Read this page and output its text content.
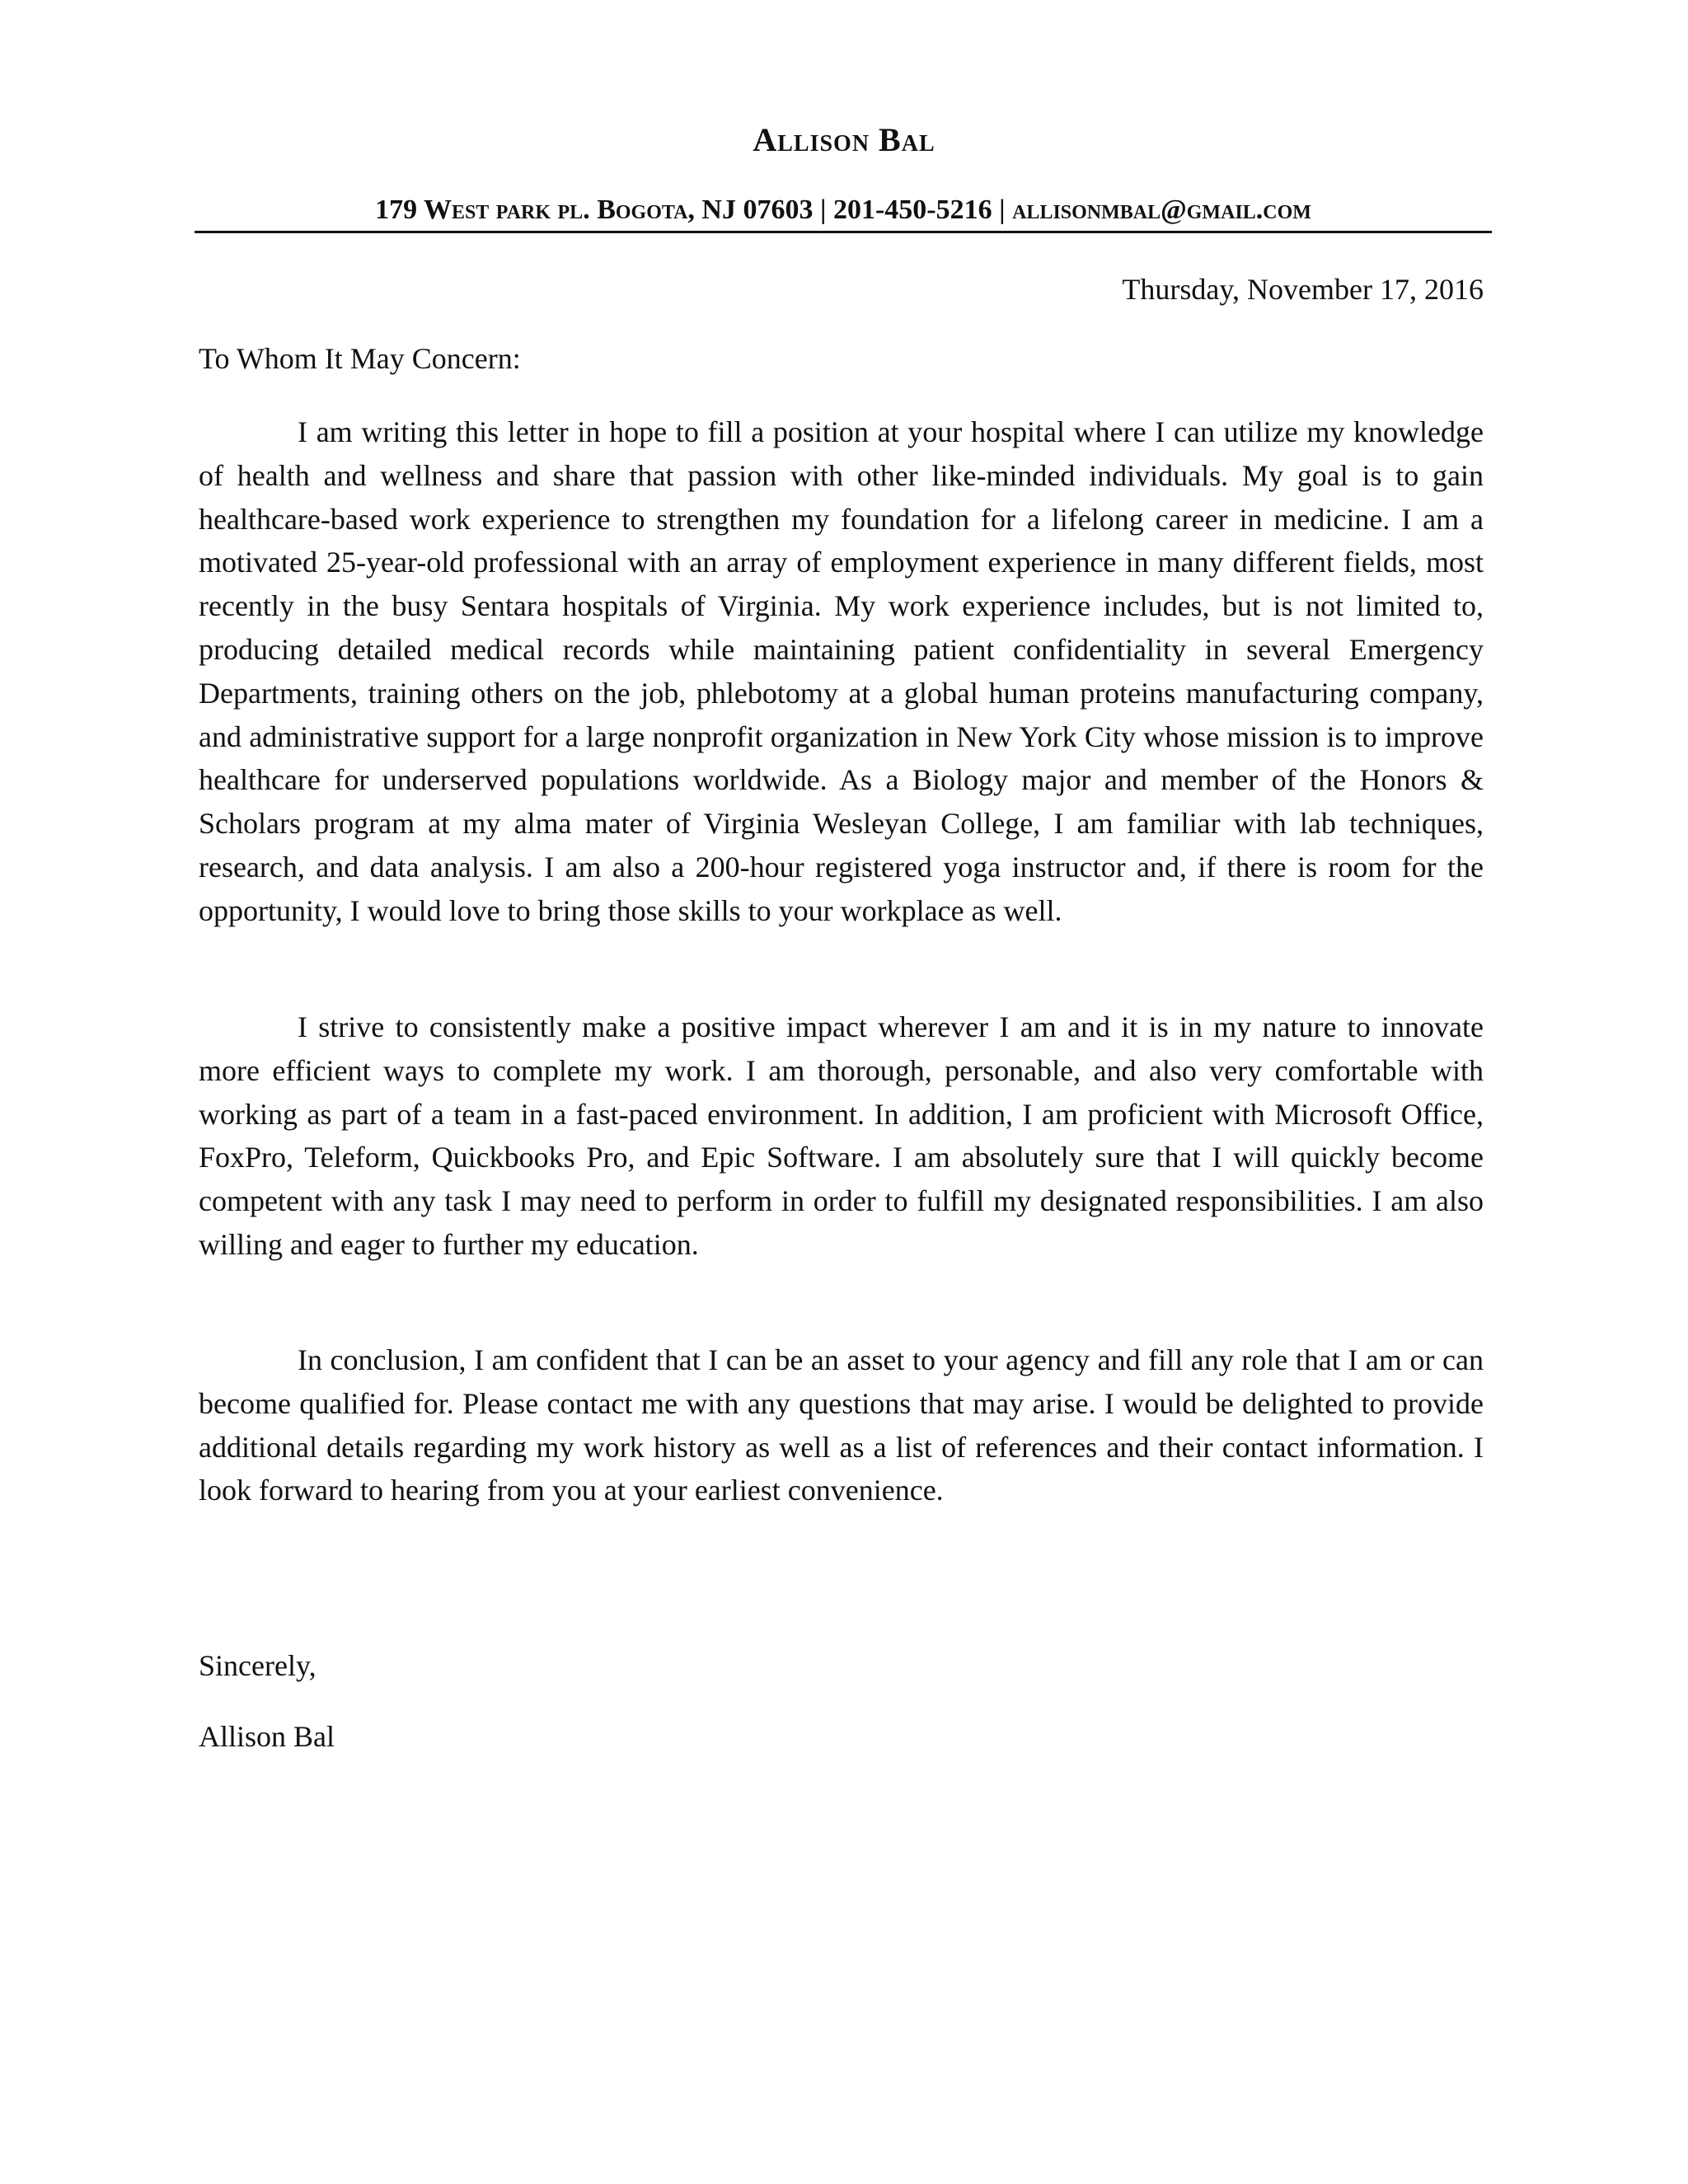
Allison Bal
179 West park pl. Bogota, NJ 07603 | 201-450-5216 | allisonmbal@gmail.com
Thursday, November 17, 2016
To Whom It May Concern:

I am writing this letter in hope to fill a position at your hospital where I can utilize my knowledge of health and wellness and share that passion with other like-minded individuals. My goal is to gain healthcare-based work experience to strengthen my foundation for a lifelong career in medicine. I am a motivated 25-year-old professional with an array of employment experience in many different fields, most recently in the busy Sentara hospitals of Virginia. My work experience includes, but is not limited to, producing detailed medical records while maintaining patient confidentiality in several Emergency Departments, training others on the job, phlebotomy at a global human proteins manufacturing company, and administrative support for a large nonprofit organization in New York City whose mission is to improve healthcare for underserved populations worldwide. As a Biology major and member of the Honors & Scholars program at my alma mater of Virginia Wesleyan College, I am familiar with lab techniques, research, and data analysis. I am also a 200-hour registered yoga instructor and, if there is room for the opportunity, I would love to bring those skills to your workplace as well.

I strive to consistently make a positive impact wherever I am and it is in my nature to innovate more efficient ways to complete my work. I am thorough, personable, and also very comfortable with working as part of a team in a fast-paced environment. In addition, I am proficient with Microsoft Office, FoxPro, Teleform, Quickbooks Pro, and Epic Software. I am absolutely sure that I will quickly become competent with any task I may need to perform in order to fulfill my designated responsibilities. I am also willing and eager to further my education.

In conclusion, I am confident that I can be an asset to your agency and fill any role that I am or can become qualified for. Please contact me with any questions that may arise. I would be delighted to provide additional details regarding my work history as well as a list of references and their contact information. I look forward to hearing from you at your earliest convenience.

Sincerely,
Allison Bal
